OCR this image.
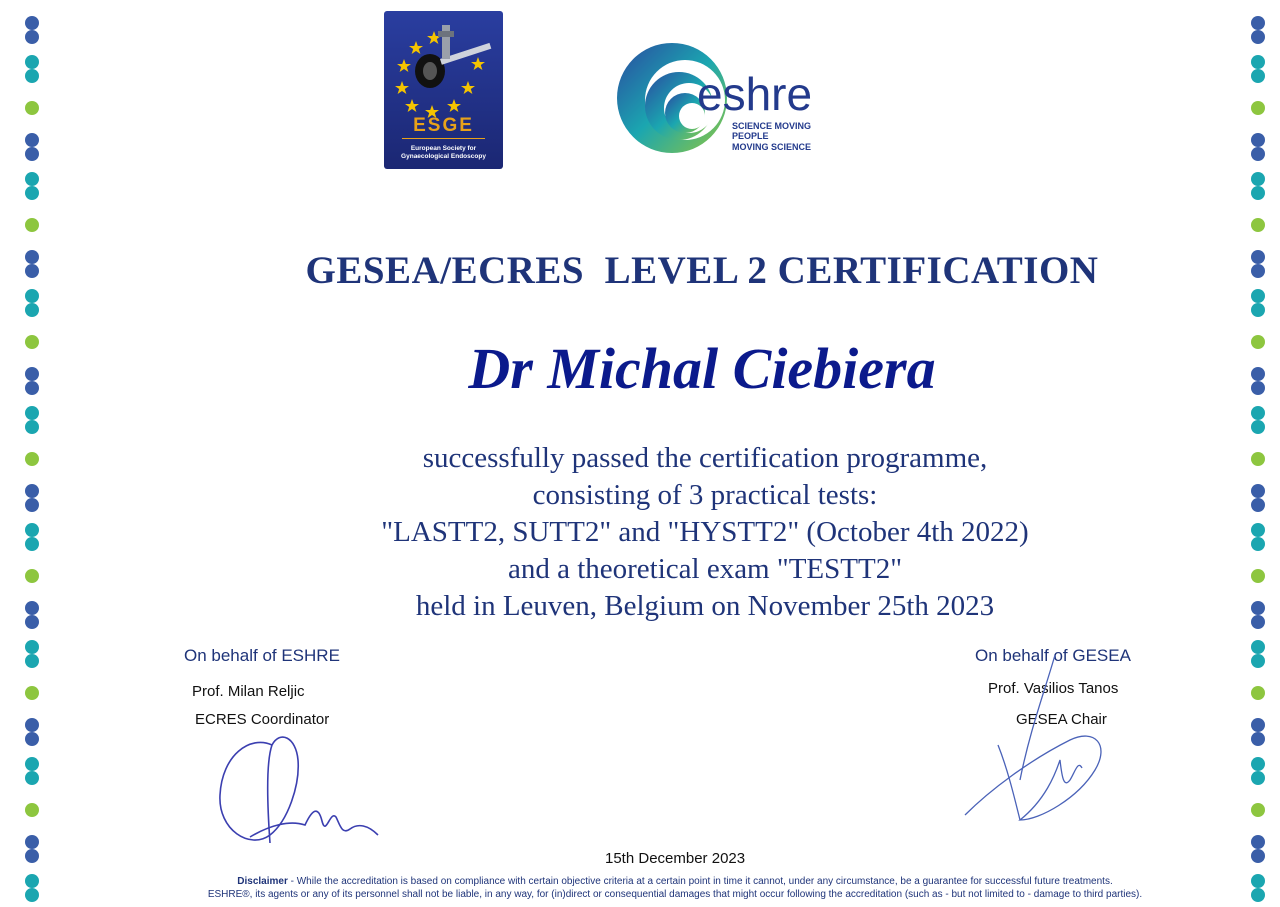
ESGE
European Society for
Gynaecological Endoscopy
eshre
SCIENCE MOVING
PEOPLE
MOVING SCIENCE
GESEA/ECRES  LEVEL 2 CERTIFICATION
Dr Michal Ciebiera
successfully passed the certification programme,
consisting of 3 practical tests:
"LASTT2, SUTT2" and "HYSTT2" (October 4th 2022)
and a theoretical exam "TESTT2"
held in Leuven, Belgium on November 25th 2023
On behalf of ESHRE
Prof. Milan Reljic
ECRES Coordinator
On behalf of GESEA
Prof. Vasilios Tanos
GESEA Chair
15th December 2023
Disclaimer - While the accreditation is based on compliance with certain objective criteria at a certain point in time it cannot, under any circumstance, be a guarantee for successful future treatments.
ESHRE®, its agents or any of its personnel shall not be liable, in any way, for (in)direct or consequential damages that might occur following the accreditation (such as - but not limited to - damage to third parties).
